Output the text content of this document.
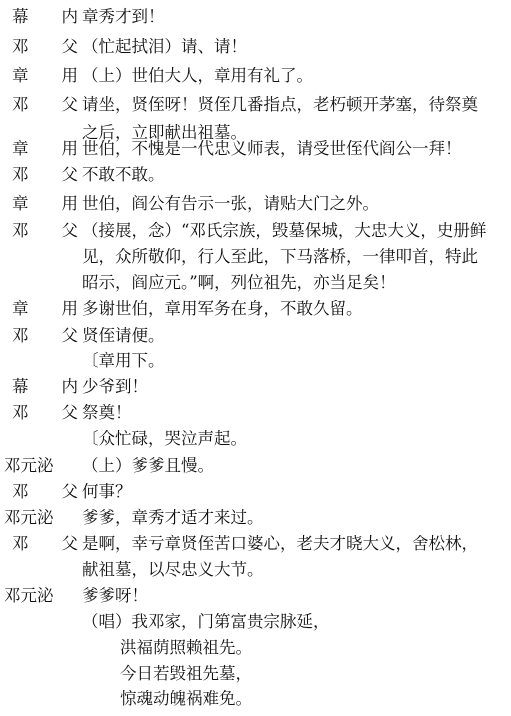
幕 内 章秀才到！
邓 父 （忙起拭泪）请、请！
章 用 （上）世伯大人，章用有礼了。
邓 父 请坐，贤侄呀！贤侄几番指点，老朽顿开茅塞，待祭奠
之后，立即献出祖墓。
章 用 世伯，不愧是一代忠义师表，请受世侄代阎公一拜！
邓 父 不敢不敢。
章 用 世伯，阎公有告示一张，请贴大门之外。
邓 父 （接展，念）“邓氏宗族，毁墓保城，大忠大义，史册鲜
见，众所敬仰，行人至此，下马落桥，一律叩首，特此
昭示，阎应元。”啊，列位祖先，亦当足矣！
章 用 多谢世伯，章用军务在身，不敢久留。
邓 父 贤侄请便。
〔章用下。
幕 内 少爷到！
邓 父 祭奠！
〔众忙碌，哭泣声起。
邓元泌 （上）爹爹且慢。
邓 父 何事？
邓元泌 爹爹，章秀才适才来过。
邓 父 是啊，幸亏章贤侄苦口婆心，老夫才晓大义，舍松林，
献祖墓，以尽忠义大节。
邓元泌 爹爹呀！
（唱）我邓家，门第富贵宗脉延，
洪福荫照赖祖先。
今日若毁祖先墓，
惊魂动魄祸难免。
